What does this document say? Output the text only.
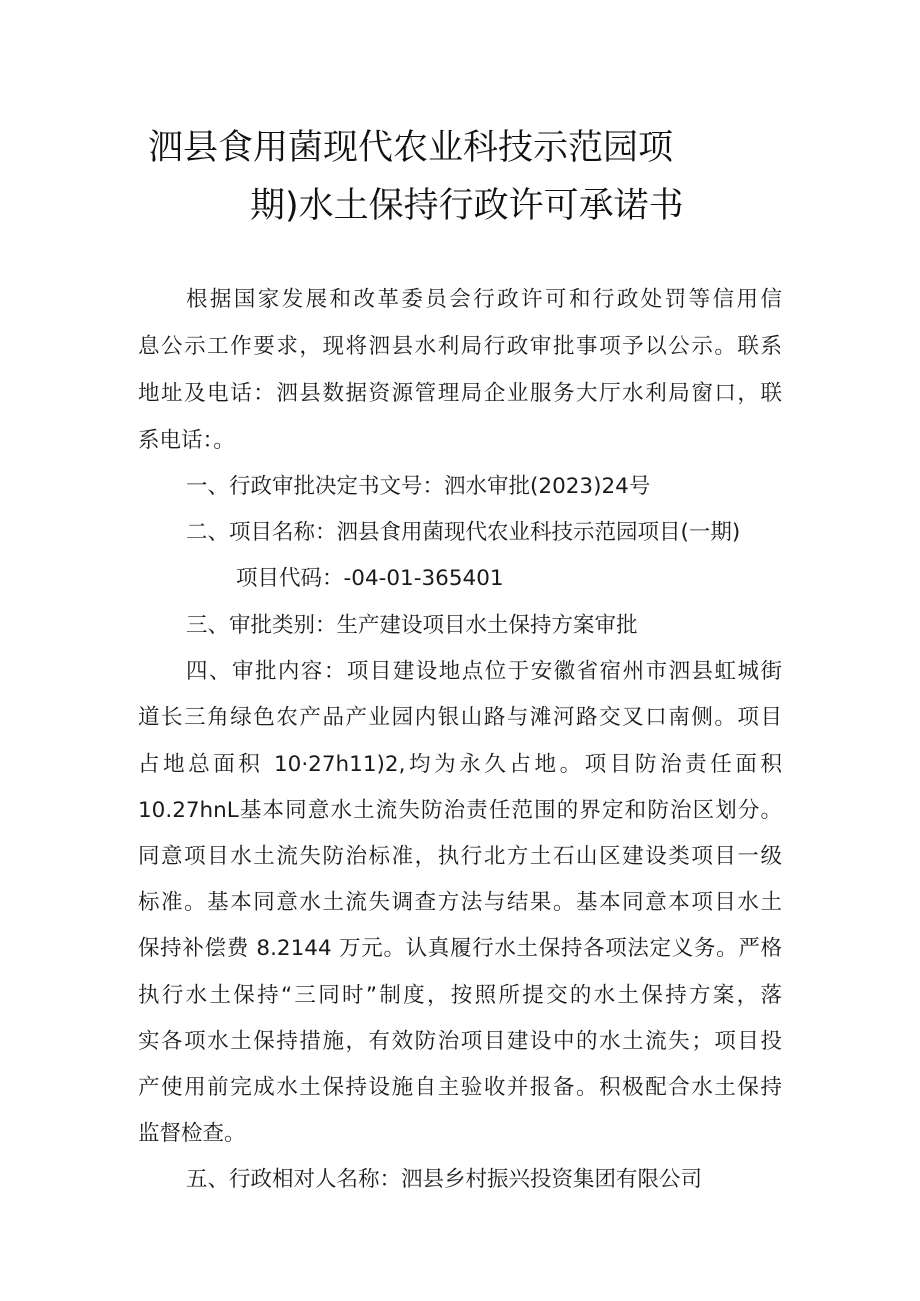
泗县食用菌现代农业科技示范园项
期)水土保持行政许可承诺书
根据国家发展和改革委员会行政许可和行政处罚等信用信
息公示工作要求，现将泗县水利局行政审批事项予以公示。联系
地址及电话：泗县数据资源管理局企业服务大厅水利局窗口，联
系电话：。
一、行政审批决定书文号：泗水审批(2023)24号
二、项目名称：泗县食用菌现代农业科技示范园项目(一期)
项目代码：-04-01-365401
三、审批类别：生产建设项目水土保持方案审批
四、审批内容：项目建设地点位于安徽省宿州市泗县虹城街
道长三角绿色农产品产业园内银山路与滩河路交叉口南侧。项目
占地总面积 10·27h11)2,均为永久占地。项目防治责任面积
10.27hnL基本同意水土流失防治责任范围的界定和防治区划分。
同意项目水土流失防治标准，执行北方土石山区建设类项目一级
标准。基本同意水土流失调查方法与结果。基本同意本项目水土
保持补偿费 8.2144 万元。认真履行水土保持各项法定义务。严格
执行水土保持“三同时”制度，按照所提交的水土保持方案，落
实各项水土保持措施，有效防治项目建设中的水土流失；项目投
产使用前完成水土保持设施自主验收并报备。积极配合水土保持
监督检查。
五、行政相对人名称：泗县乡村振兴投资集团有限公司
